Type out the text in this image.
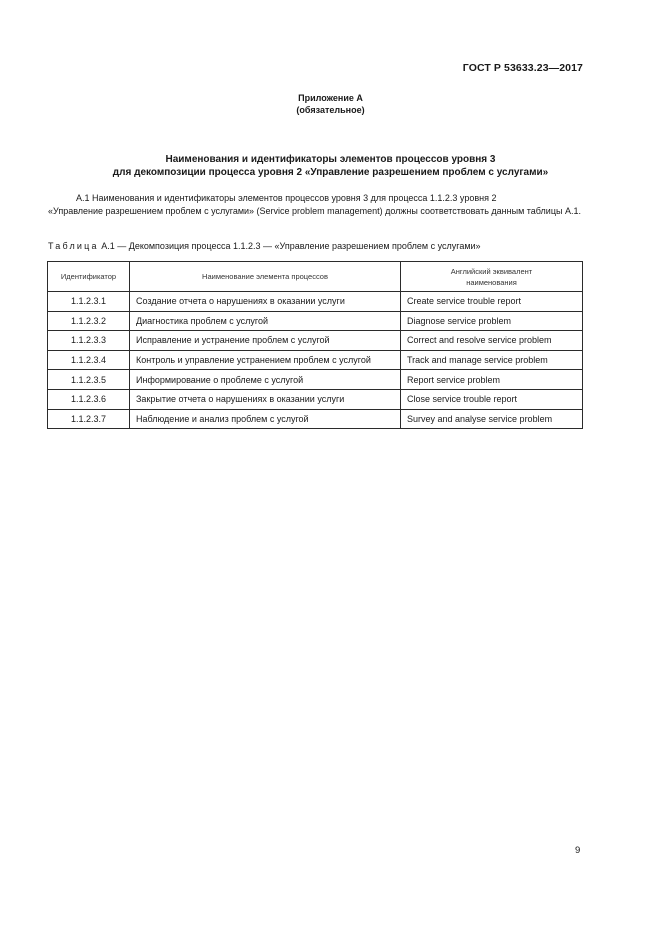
ГОСТ Р 53633.23—2017
Приложение А
(обязательное)
Наименования и идентификаторы элементов процессов уровня 3
для декомпозиции процесса уровня 2 «Управление разрешением проблем с услугами»
А.1 Наименования и идентификаторы элементов процессов уровня 3 для процесса 1.1.2.3 уровня 2
«Управление разрешением проблем с услугами» (Service problem management) должны соответствовать данным таблицы А.1.
Таблица А.1 — Декомпозиция процесса 1.1.2.3 — «Управление разрешением проблем с услугами»
Идентификатор	Наименование элемента процессов	Английский эквивалент
наименования

1.1.2.3.1	Создание отчета о нарушениях в оказании услуги	Create service trouble report
1.1.2.3.2	Диагностика проблем с услугой	Diagnose service problem
1.1.2.3.3	Исправление и устранение проблем с услугой	Correct and resolve service problem
1.1.2.3.4	Контроль и управление устранением проблем с услугой	Track and manage service problem
1.1.2.3.5	Информирование о проблеме с услугой	Report service problem
1.1.2.3.6	Закрытие отчета о нарушениях в оказании услуги	Close service trouble report
1.1.2.3.7	Наблюдение и анализ проблем с услугой	Survey and analyse service problem
9
